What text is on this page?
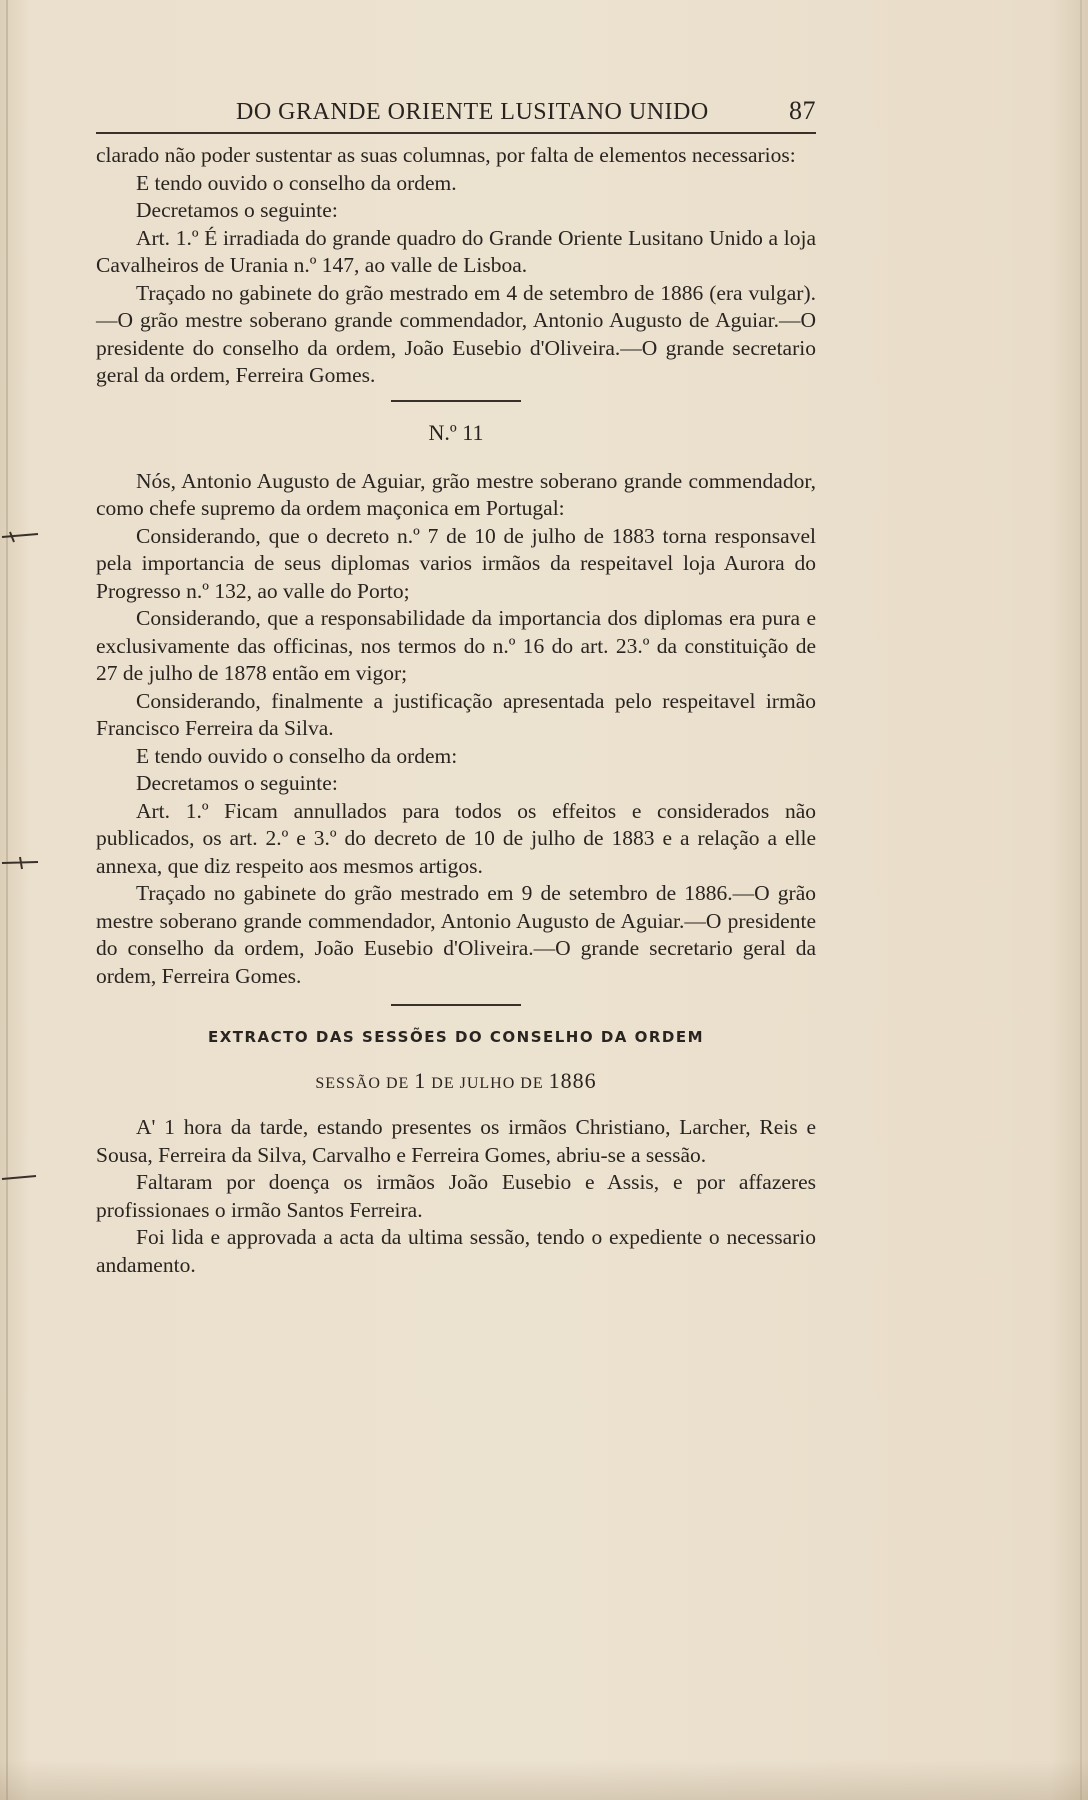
DO GRANDE ORIENTE LUSITANO UNIDO	87

clarado não poder sustentar as suas columnas, por falta de elementos necessarios:

E tendo ouvido o conselho da ordem.

Decretamos o seguinte:

Art. 1.º É irradiada do grande quadro do Grande Oriente Lusitano Unido a loja Cavalheiros de Urania n.º 147, ao valle de Lisboa.

Traçado no gabinete do grão mestrado em 4 de setembro de 1886 (era vulgar).—O grão mestre soberano grande commendador, Antonio Augusto de Aguiar.—O presidente do conselho da ordem, João Eusebio d'Oliveira.—O grande secretario geral da ordem, Ferreira Gomes.

N.º 11

Nós, Antonio Augusto de Aguiar, grão mestre soberano grande commendador, como chefe supremo da ordem maçonica em Portugal:

Considerando, que o decreto n.º 7 de 10 de julho de 1883 torna responsavel pela importancia de seus diplomas varios irmãos da respeitavel loja Aurora do Progresso n.º 132, ao valle do Porto;

Considerando, que a responsabilidade da importancia dos diplomas era pura e exclusivamente das officinas, nos termos do n.º 16 do art. 23.º da constituição de 27 de julho de 1878 então em vigor;

Considerando, finalmente a justificação apresentada pelo respeitavel irmão Francisco Ferreira da Silva.

E tendo ouvido o conselho da ordem:

Decretamos o seguinte:

Art. 1.º Ficam annullados para todos os effeitos e considerados não publicados, os art. 2.º e 3.º do decreto de 10 de julho de 1883 e a relação a elle annexa, que diz respeito aos mesmos artigos.

Traçado no gabinete do grão mestrado em 9 de setembro de 1886.—O grão mestre soberano grande commendador, Antonio Augusto de Aguiar.—O presidente do conselho da ordem, João Eusebio d'Oliveira.—O grande secretario geral da ordem, Ferreira Gomes.

EXTRACTO DAS SESSÕES DO CONSELHO DA ORDEM
SESSÃO DE 1 DE JULHO DE 1886

A' 1 hora da tarde, estando presentes os irmãos Christiano, Larcher, Reis e Sousa, Ferreira da Silva, Carvalho e Ferreira Gomes, abriu-se a sessão.

Faltaram por doença os irmãos João Eusebio e Assis, e por affazeres profissionaes o irmão Santos Ferreira.

Foi lida e approvada a acta da ultima sessão, tendo o expediente o necessario andamento.
